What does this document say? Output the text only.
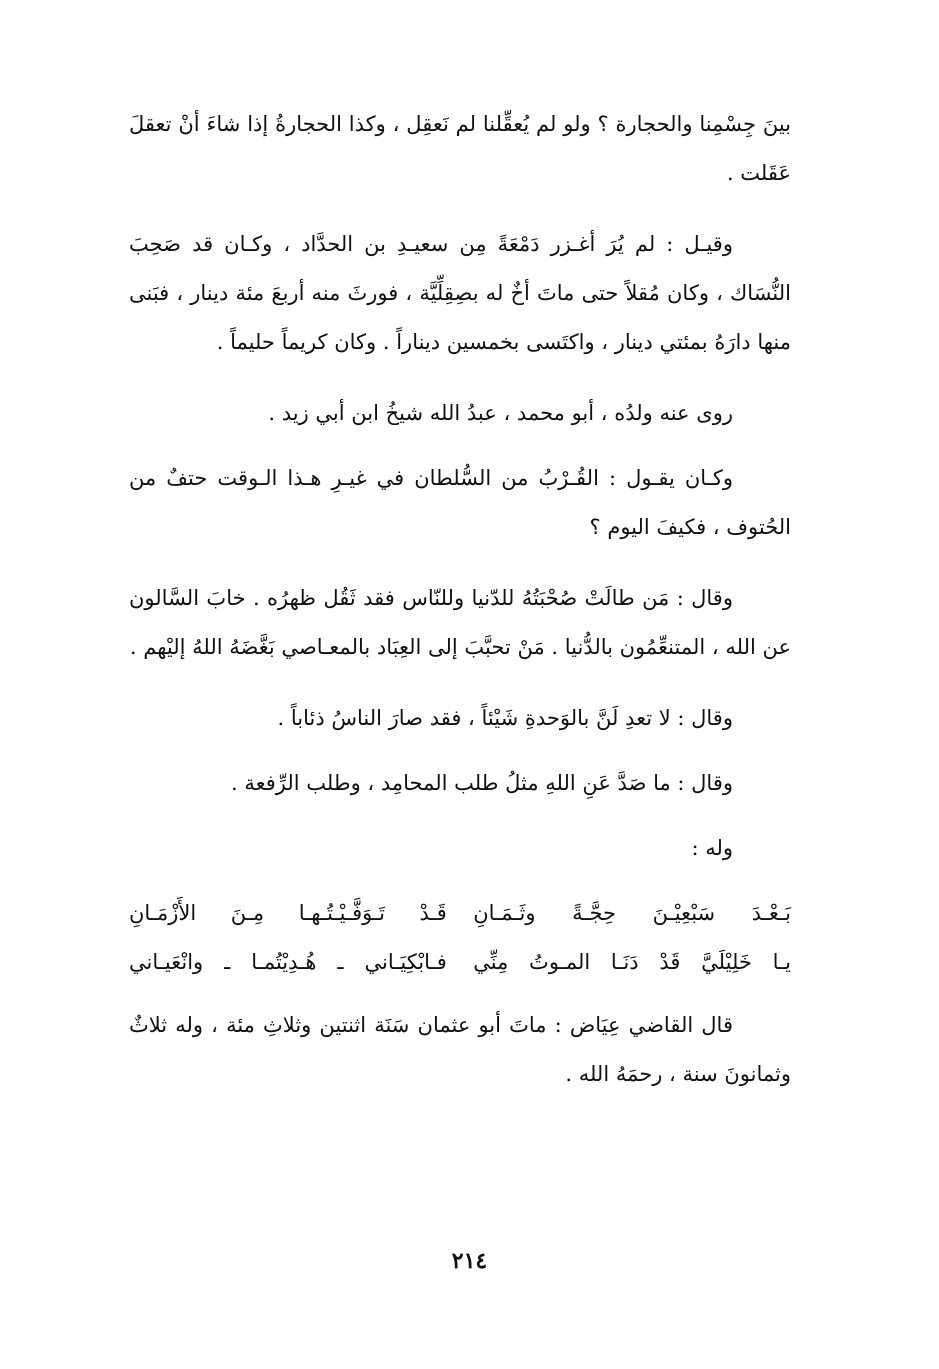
بينَ جِسْمِنا والحجارة ؟ ولو لم يُعقِّلنا لم نَعقِل ، وكذا الحجارةُ إذا شاءَ أنْ تعقلَ عَقَلت .

وقيـل : لم يُرَ أغـزر دَمْعَةً مِن سعيـدِ بن الحدَّاد ، وكـان قد صَحِبَ النُّسَاك ، وكان مُقلاً حتى ماتَ أخٌ له بصِقِلِّيَّة ، فورثَ منه أربعَ مئة دينار ، فبَنى منها دارَهُ بمئتي دينار ، واكتَسى بخمسين ديناراً . وكان كريماً حليماً .

روى عنه ولدُه ، أبو محمد ، عبدُ الله شيخُ ابن أبي زيد .

وكـان يقـول : القُـرْبُ من السُّلطان في غيـرِ هـذا الـوقت حتفٌ من الحُتوف ، فكيفَ اليوم ؟

وقال : مَن طالَتْ صُحْبَتُهُ للدّنيا وللنّاس فقد ثَقُل ظهرُه . خابَ السَّالون عن الله ، المتنعِّمُون بالدُّنيا . مَنْ تحبَّبَ إلى العِبَاد بالمعـاصي بَغَّضَهُ اللهُ إليْهم .

وقال : لا تعدِ لَنَّ بالوَحدةِ شَيْئاً ، فقد صارَ الناسُ ذئاباً .

وقال : ما صَدَّ عَنِ اللهِ مثلُ طلب المحامِد ، وطلب الرِّفعة .

وله :

بَـعْـدَ سَبْعِيْـنَ حِجَّـةً وثَـمَـانِ
قَـدْ تَـوَفَّـيْـتُـهـا مِـنَ الأَزْمَـانِ
يـا خَلِيْلَيَّ قَدْ دَنَـا المـوتُ مِنِّي
فـابْكِيَـاني ـ هُـدِيْتُمـا ـ وانْعَيـاني

قال القاضي عِيَاض : ماتَ أبو عثمان سَنَة اثنتين وثلاثِ مئة ، وله ثلاثٌ وثمانونَ سنة ، رحمَهُ الله .

٢١٤
